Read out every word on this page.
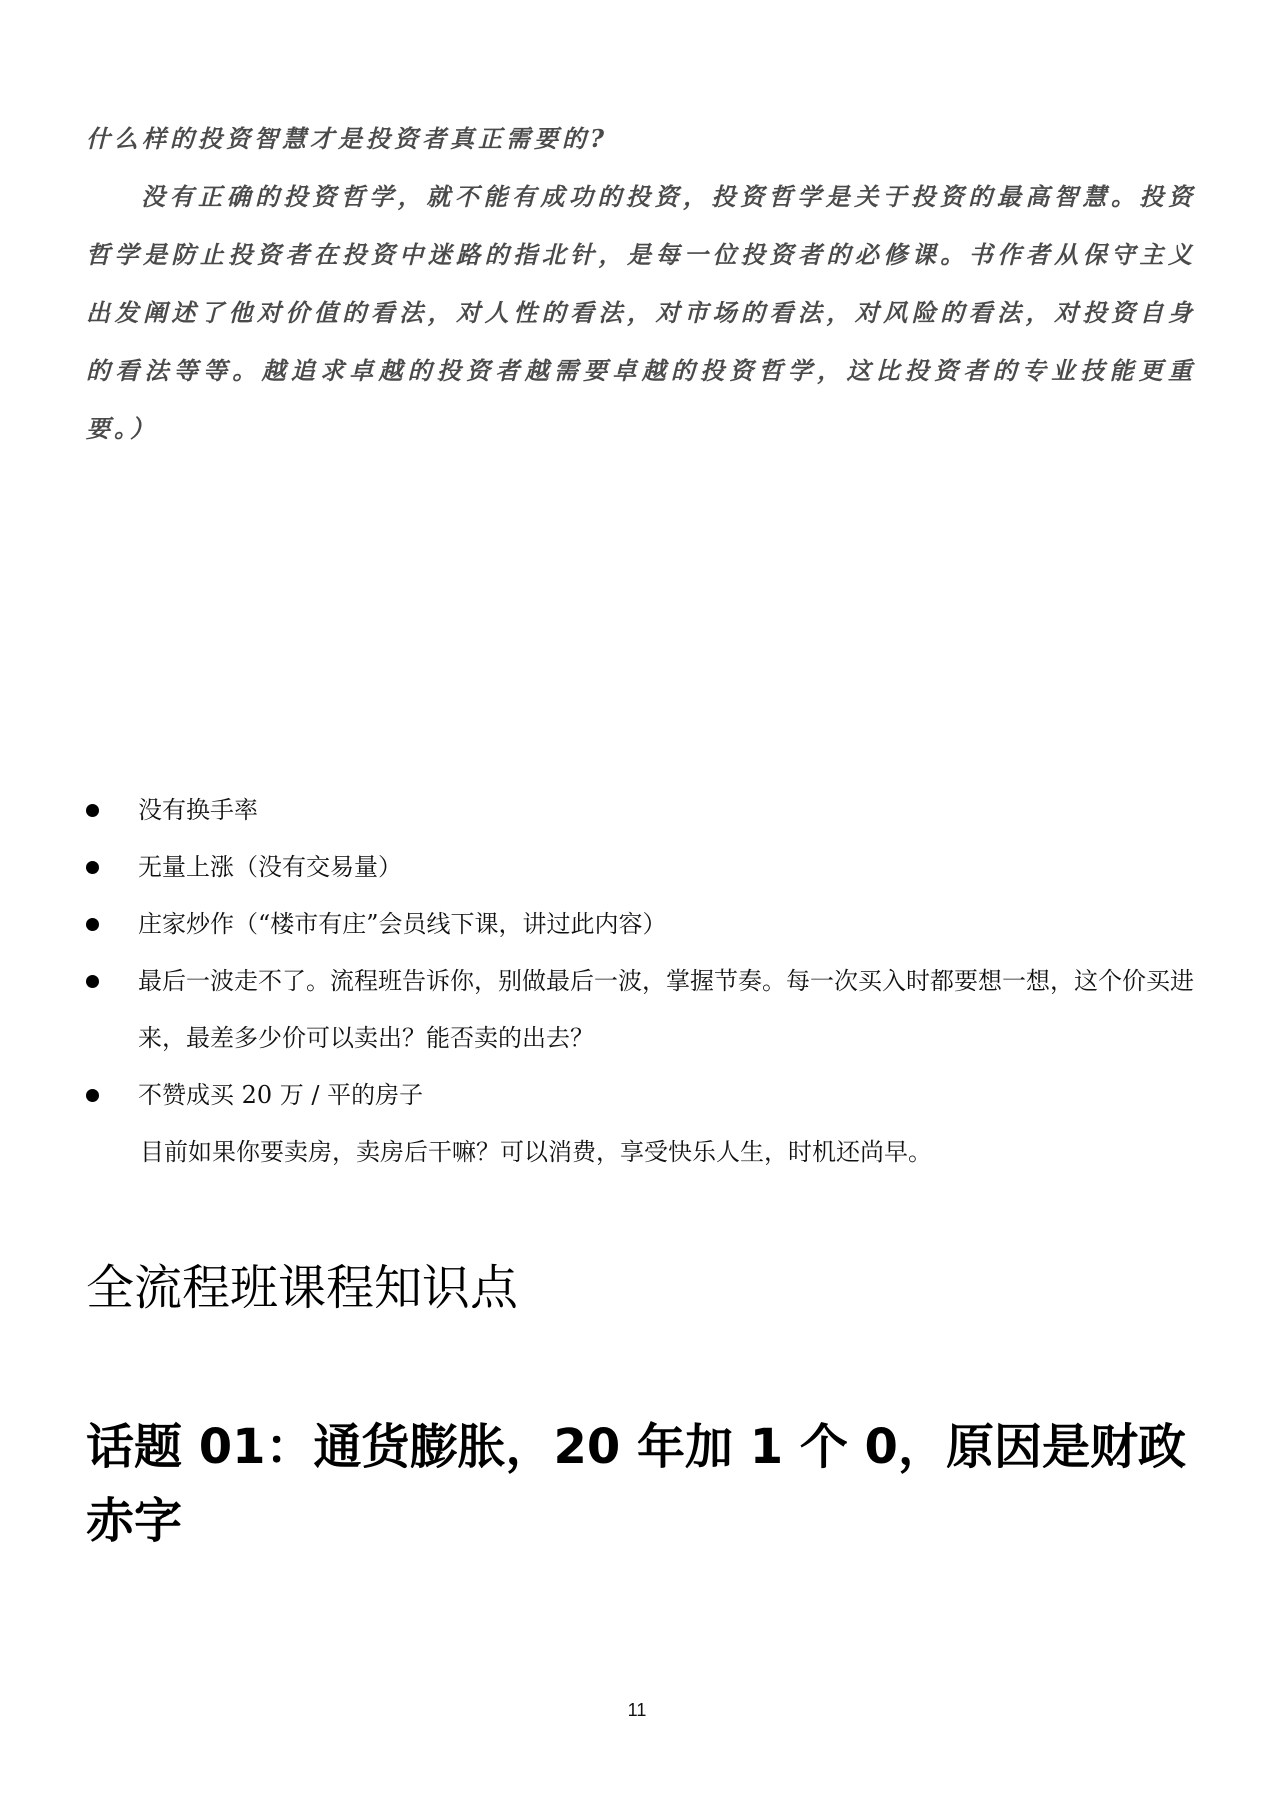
什么样的投资智慧才是投资者真正需要的?

没有正确的投资哲学，就不能有成功的投资，投资哲学是关于投资的最高智慧。投资哲学是防止投资者在投资中迷路的指北针，是每一位投资者的必修课。书作者从保守主义出发阐述了他对价值的看法，对人性的看法，对市场的看法，对风险的看法，对投资自身的看法等等。越追求卓越的投资者越需要卓越的投资哲学，这比投资者的专业技能更重要。）

没有换手率
无量上涨（没有交易量）
庄家炒作（“楼市有庄”会员线下课，讲过此内容）
最后一波走不了。流程班告诉你，别做最后一波，掌握节奏。每一次买入时都要想一想，这个价买进来，最差多少价可以卖出？能否卖的出去？
不赞成买 20 万 / 平的房子
目前如果你要卖房，卖房后干嘛？可以消费，享受快乐人生，时机还尚早。
全流程班课程知识点
话题 01：通货膨胀，20 年加 1 个 0，原因是财政赤字
11
